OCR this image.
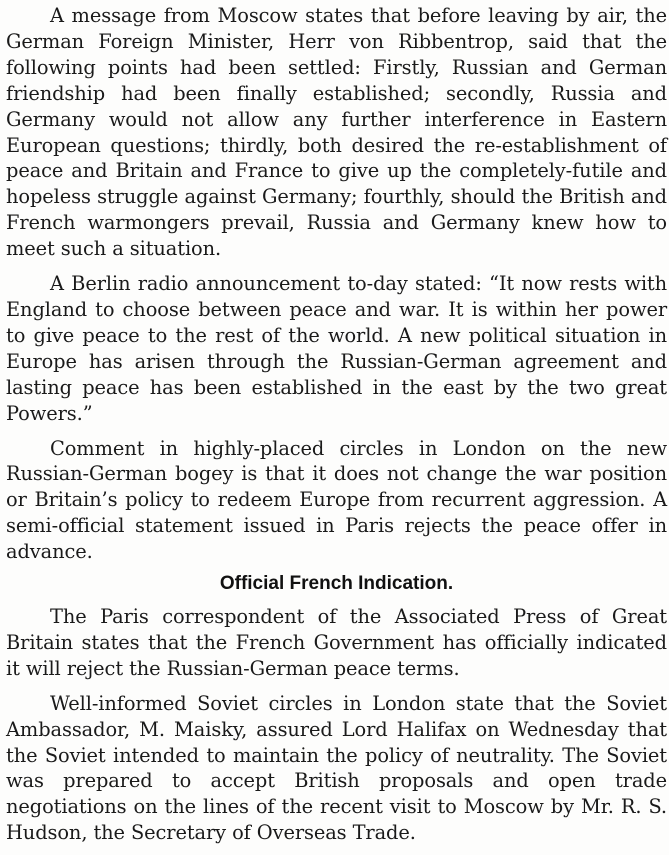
A message from Moscow states that before leaving by air, the German Foreign Minister, Herr von Ribbentrop, said that the following points had been settled: Firstly, Russian and German friendship had been finally established; secondly, Russia and Germany would not allow any further interference in Eastern European questions; thirdly, both desired the re-establishment of peace and Britain and France to give up the completely-futile and hopeless struggle against Germany; fourthly, should the British and French warmongers prevail, Russia and Germany knew how to meet such a situation.

A Berlin radio announcement to-day stated: “It now rests with England to choose between peace and war. It is within her power to give peace to the rest of the world. A new political situation in Europe has arisen through the Russian-German agreement and lasting peace has been established in the east by the two great Powers.”

Comment in highly-placed circles in London on the new Russian-German bogey is that it does not change the war position or Britain’s policy to redeem Europe from recurrent aggression. A semi-official statement issued in Paris rejects the peace offer in advance.

Official French Indication.

The Paris correspondent of the Associated Press of Great Britain states that the French Government has officially indicated it will reject the Russian-German peace terms.

Well-informed Soviet circles in London state that the Soviet Ambassador, M. Maisky, assured Lord Halifax on Wednesday that the Soviet intended to maintain the policy of neutrality. The Soviet was prepared to accept British proposals and open trade negotiations on the lines of the recent visit to Moscow by Mr. R. S. Hudson, the Secretary of Overseas Trade.
